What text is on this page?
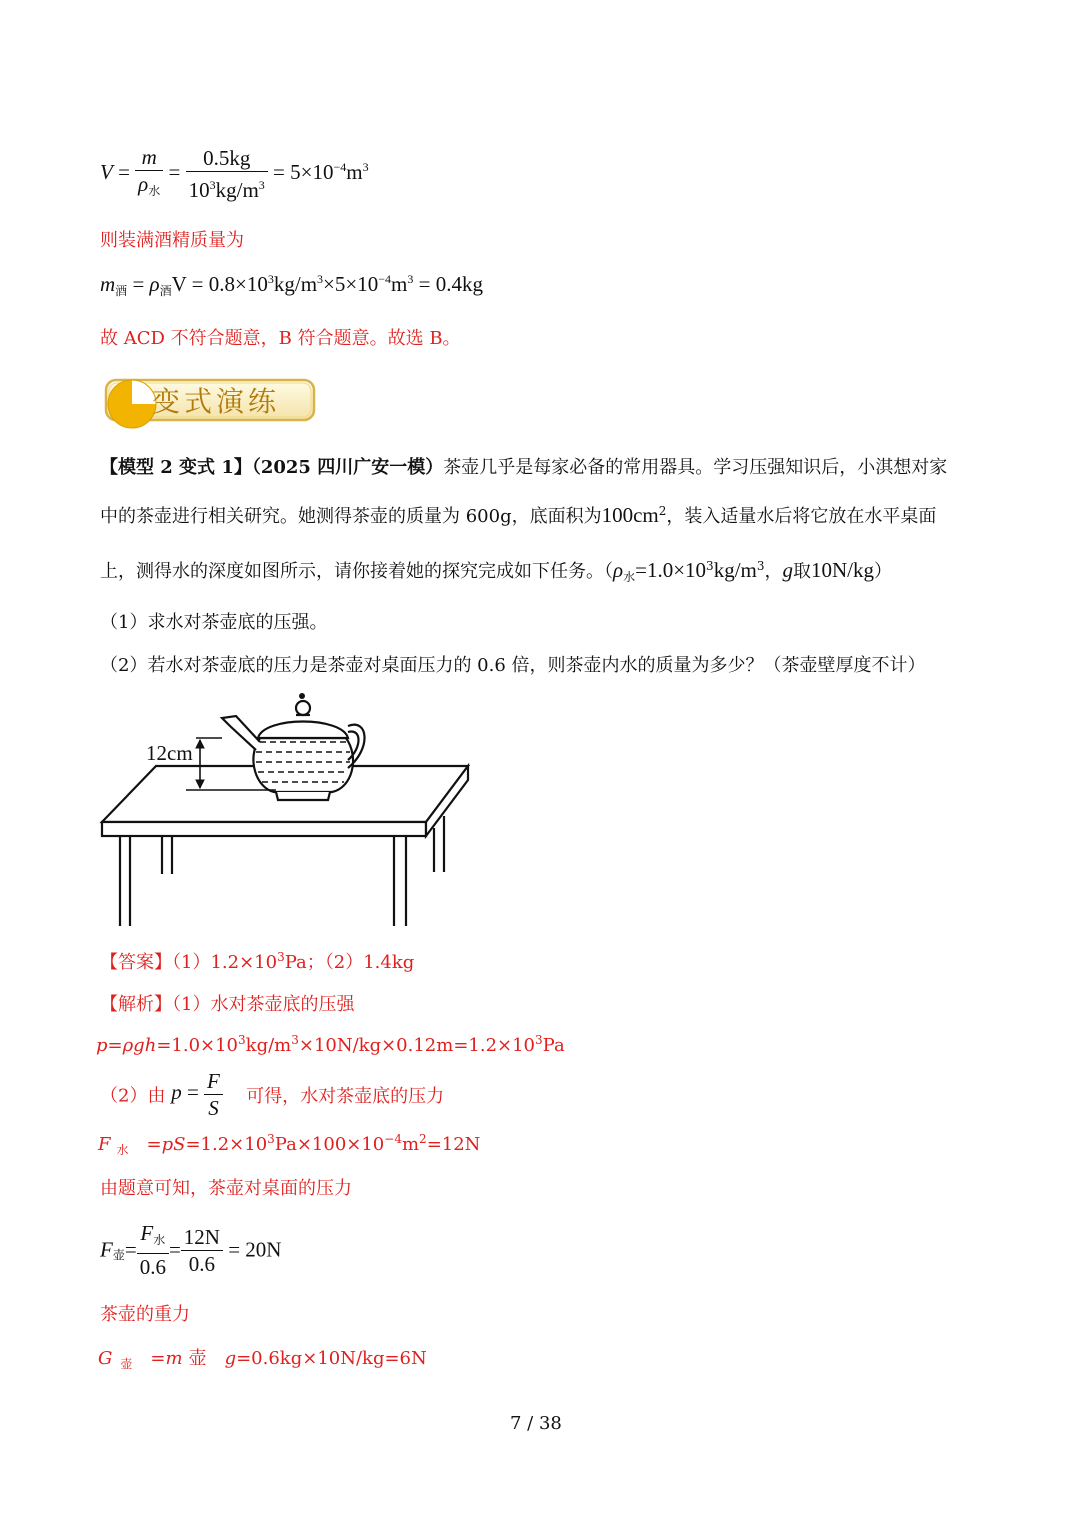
$V = \frac{m}{\rho_水} = \frac{0.5kg}{10^3kg/m^3} = 5\times 10^{-4}m^3$
则装满酒精质量为
$m_酒 = \rho_酒V = 0.8\times 10^3kg/m^3\times 5\times 10^{-4}m^3 = 0.4kg$
故 ACD 不符合题意，B 符合题意。故选 B。
变式演练
【模型 2 变式 1】（2025 四川广安一模）茶壶几乎是每家必备的常用器具。学习压强知识后，小淇想对家
中的茶壶进行相关研究。她测得茶壶的质量为 600g，底面积为$100cm^2$，装入适量水后将它放在水平桌面
上，测得水的深度如图所示，请你接着她的探究完成如下任务。（$\rho_水=1.0\times 10^3kg/m^3$，g取10N/kg）
（1）求水对茶壶底的压强。
（2）若水对茶壶底的压力是茶壶对桌面压力的 0.6 倍，则茶壶内水的质量为多少？（茶壶壁厚度不计）
12cm
【答案】$(1)1.2\times 10^3Pa$；（2）1.4kg
【解析】（1）水对茶壶底的压强
$p=\rho gh=1.0\times 10^3kg/m^3\times 10N/kg\times 0.12m=1.2\times 10^3Pa$
（2）由 $p = \frac{F}{S}$ 可得，水对茶壶底的压力
F $_水 =pS=1.2\times 10^3Pa\times 100\times 10^{-4}m^2=12N$
由题意可知，茶壶对桌面的压力
$F_壶= \frac{F_水}{0.6} = \frac{12N}{0.6} = 20N$
茶壶的重力
G $_壶$ =m 壶 g=0.6kg×10N/kg=6N
7 / 38
